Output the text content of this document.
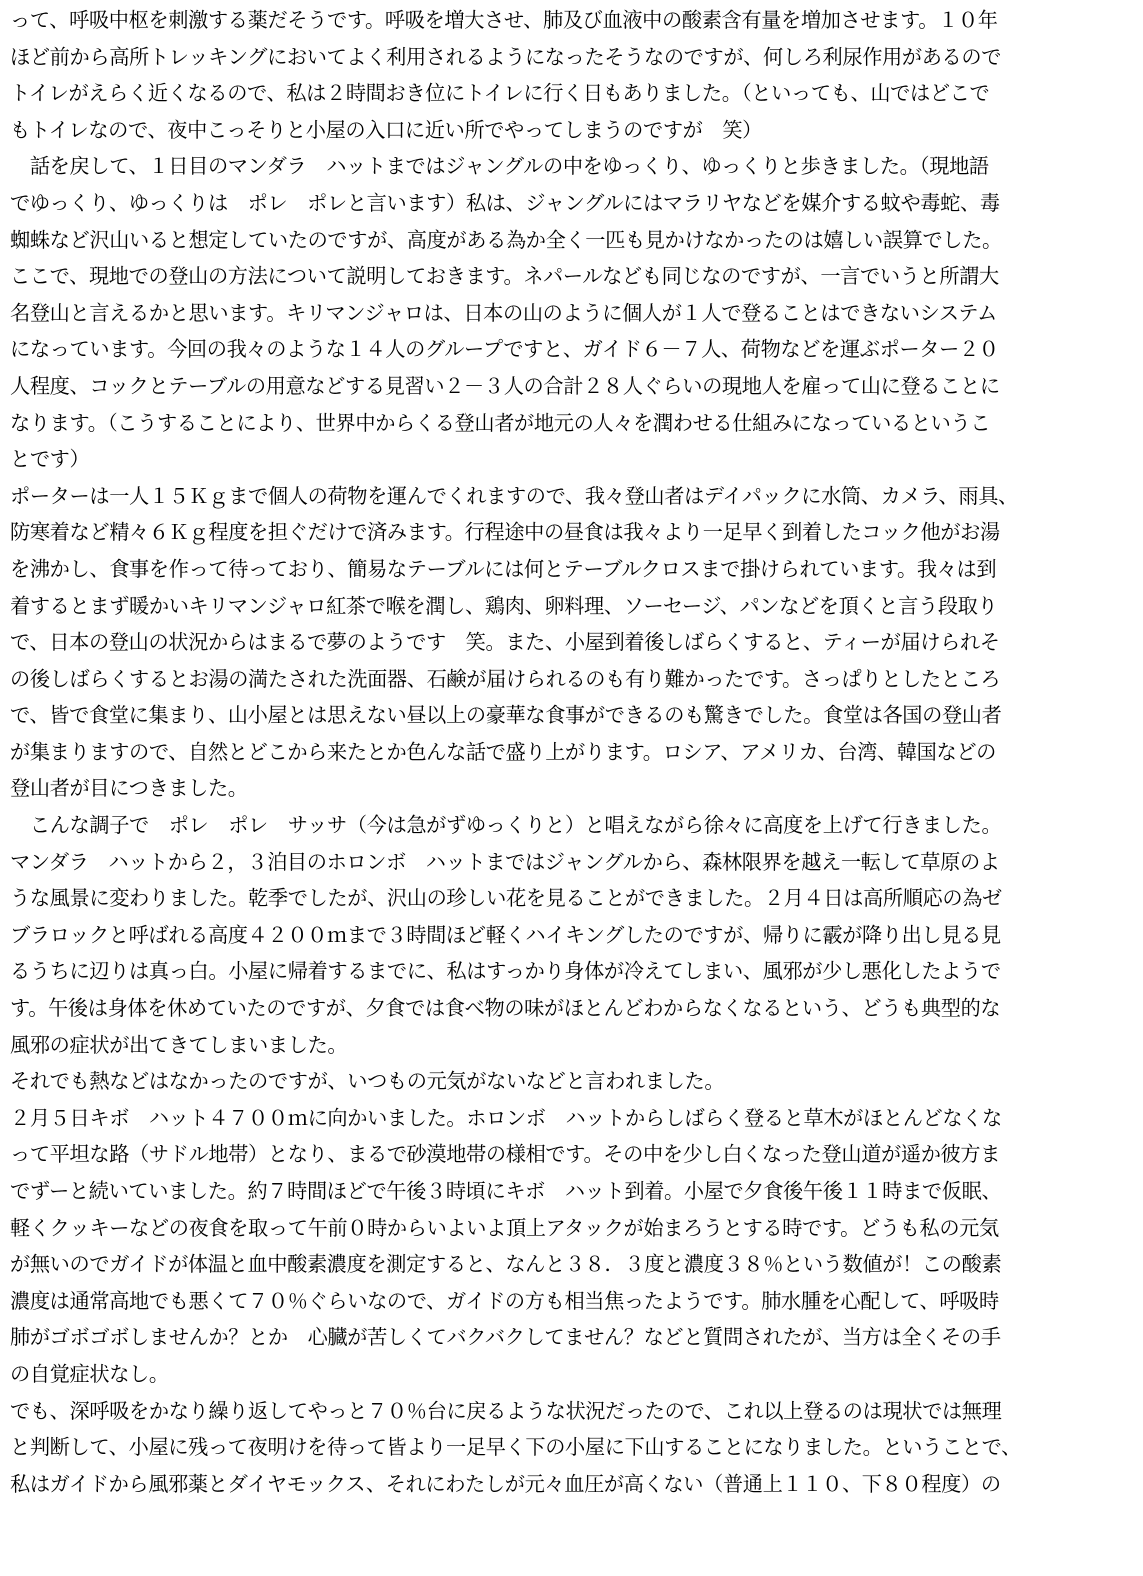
って、呼吸中枢を刺激する薬だそうです。呼吸を増大させ、肺及び血液中の酸素含有量を増加させます。１０年
ほど前から高所トレッキングにおいてよく利用されるようになったそうなのですが、何しろ利尿作用があるので
トイレがえらく近くなるので、私は２時間おき位にトイレに行く日もありました。（といっても、山ではどこで
もトイレなので、夜中こっそりと小屋の入口に近い所でやってしまうのですが　笑）
　話を戻して、１日目のマンダラ　ハットまではジャングルの中をゆっくり、ゆっくりと歩きました。（現地語
でゆっくり、ゆっくりは　ポレ　ポレと言います）私は、ジャングルにはマラリヤなどを媒介する蚊や毒蛇、毒
蜘蛛など沢山いると想定していたのですが、高度がある為か全く一匹も見かけなかったのは嬉しい誤算でした。
ここで、現地での登山の方法について説明しておきます。ネパールなども同じなのですが、一言でいうと所謂大
名登山と言えるかと思います。キリマンジャロは、日本の山のように個人が１人で登ることはできないシステム
になっています。今回の我々のような１４人のグループですと、ガイド６－７人、荷物などを運ぶポーター２０
人程度、コックとテーブルの用意などする見習い２－３人の合計２８人ぐらいの現地人を雇って山に登ることに
なります。（こうすることにより、世界中からくる登山者が地元の人々を潤わせる仕組みになっているというこ
とです）
ポーターは一人１５Ｋｇまで個人の荷物を運んでくれますので、我々登山者はデイパックに水筒、カメラ、雨具、
防寒着など精々６Ｋｇ程度を担ぐだけで済みます。行程途中の昼食は我々より一足早く到着したコック他がお湯
を沸かし、食事を作って待っており、簡易なテーブルには何とテーブルクロスまで掛けられています。我々は到
着するとまず暖かいキリマンジャロ紅茶で喉を潤し、鶏肉、卵料理、ソーセージ、パンなどを頂くと言う段取り
で、日本の登山の状況からはまるで夢のようです　笑。また、小屋到着後しばらくすると、ティーが届けられそ
の後しばらくするとお湯の満たされた洗面器、石鹸が届けられるのも有り難かったです。さっぱりとしたところ
で、皆で食堂に集まり、山小屋とは思えない昼以上の豪華な食事ができるのも驚きでした。食堂は各国の登山者
が集まりますので、自然とどこから来たとか色んな話で盛り上がります。ロシア、アメリカ、台湾、韓国などの
登山者が目につきました。
　こんな調子で　ポレ　ポレ　サッサ（今は急がずゆっくりと）と唱えながら徐々に高度を上げて行きました。
マンダラ　ハットから２，３泊目のホロンボ　ハットまではジャングルから、森林限界を越え一転して草原のよ
うな風景に変わりました。乾季でしたが、沢山の珍しい花を見ることができました。２月４日は高所順応の為ゼ
ブラロックと呼ばれる高度４２００ｍまで３時間ほど軽くハイキングしたのですが、帰りに霰が降り出し見る見
るうちに辺りは真っ白。小屋に帰着するまでに、私はすっかり身体が冷えてしまい、風邪が少し悪化したようで
す。午後は身体を休めていたのですが、夕食では食べ物の味がほとんどわからなくなるという、どうも典型的な
風邪の症状が出てきてしまいました。
それでも熱などはなかったのですが、いつもの元気がないなどと言われました。
２月５日キボ　ハット４７００ｍに向かいました。ホロンボ　ハットからしばらく登ると草木がほとんどなくな
って平坦な路（サドル地帯）となり、まるで砂漠地帯の様相です。その中を少し白くなった登山道が遥か彼方ま
でずーと続いていました。約７時間ほどで午後３時頃にキボ　ハット到着。小屋で夕食後午後１１時まで仮眠、
軽くクッキーなどの夜食を取って午前０時からいよいよ頂上アタックが始まろうとする時です。どうも私の元気
が無いのでガイドが体温と血中酸素濃度を測定すると、なんと３８．３度と濃度３８％という数値が！この酸素
濃度は通常高地でも悪くて７０％ぐらいなので、ガイドの方も相当焦ったようです。肺水腫を心配して、呼吸時
肺がゴボゴボしませんか？とか　心臓が苦しくてバクバクしてません？などと質問されたが、当方は全くその手
の自覚症状なし。
でも、深呼吸をかなり繰り返してやっと７０％台に戻るような状況だったので、これ以上登るのは現状では無理
と判断して、小屋に残って夜明けを待って皆より一足早く下の小屋に下山することになりました。ということで、
私はガイドから風邪薬とダイヤモックス、それにわたしが元々血圧が高くない（普通上１１０、下８０程度）の
